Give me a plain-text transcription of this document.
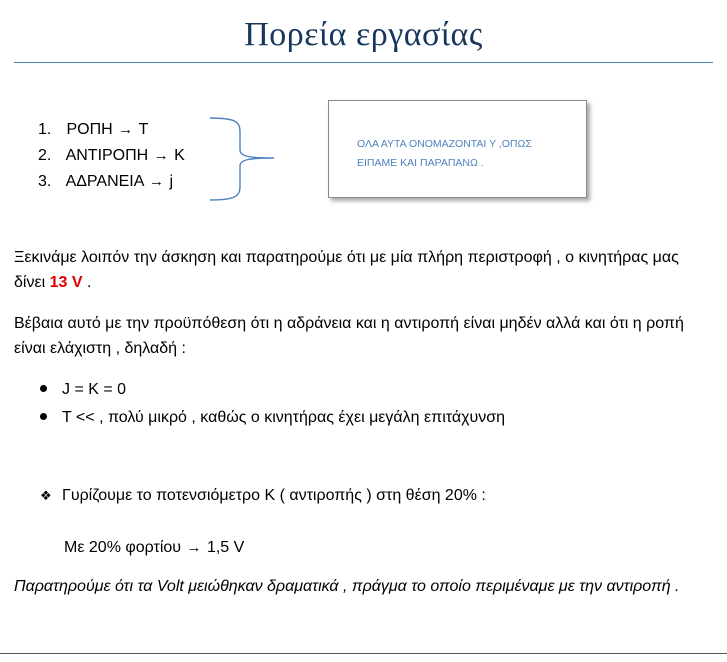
Πορεία εργασίας
1. ΡΟΠΗ → T
2. ΑΝΤΙΡΟΠΗ → K
3. ΑΔΡΑΝΕΙΑ → j
ΟΛΑ ΑΥΤΑ ΟΝΟΜΑΖΟΝΤΑΙ Υ ,ΟΠΩΣ
ΕΙΠΑΜΕ ΚΑΙ ΠΑΡΑΠΑΝΩ .
Ξεκινάμε λοιπόν την άσκηση και παρατηρούμε ότι με μία πλήρη περιστροφή , ο κινητήρας μας δίνει 13 V .
Βέβαια αυτό με την προϋπόθεση ότι η αδράνεια και η αντιροπή είναι μηδέν αλλά και ότι η ροπή είναι ελάχιστη , δηλαδή :
J = K = 0
T << , πολύ μικρό , καθώς ο κινητήρας έχει μεγάλη επιτάχυνση
❖ Γυρίζουμε το ποτενσιόμετρο K ( αντιροπής ) στη θέση 20% :
Με 20% φορτίου → 1,5 V
Παρατηρούμε ότι τα Volt μειώθηκαν δραματικά , πράγμα το οποίο περιμέναμε με την αντιροπή .
